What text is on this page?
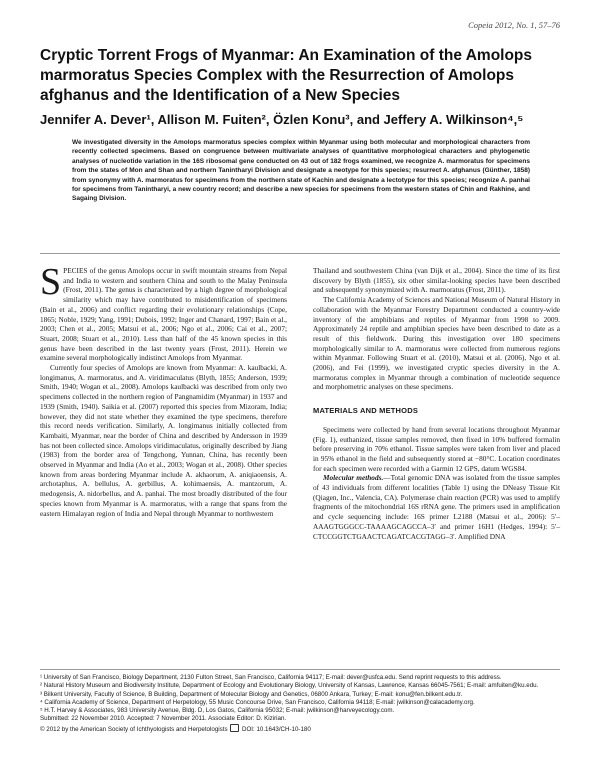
Copeia 2012, No. 1, 57–76
Cryptic Torrent Frogs of Myanmar: An Examination of the Amolops marmoratus Species Complex with the Resurrection of Amolops afghanus and the Identification of a New Species
Jennifer A. Dever¹, Allison M. Fuiten², Özlen Konu³, and Jeffery A. Wilkinson⁴,⁵

We investigated diversity in the Amolops marmoratus species complex within Myanmar using both molecular and morphological characters from recently collected specimens. Based on congruence between multivariate analyses of quantitative morphological characters and phylogenetic analyses of nucleotide variation in the 16S ribosomal gene conducted on 43 out of 182 frogs examined, we recognize A. marmoratus for specimens from the states of Mon and Shan and northern Tanintharyi Division and designate a neotype for this species; resurrect A. afghanus (Günther, 1858) from synonymy with A. marmoratus for specimens from the northern state of Kachin and designate a lectotype for this species; recognize A. panhai for specimens from Tanintharyi, a new country record; and describe a new species for specimens from the western states of Chin and Rakhine, and Sagaing Division.

SPECIES of the genus Amolops occur in swift mountain streams from Nepal and India to western and southern China and south to the Malay Peninsula (Frost, 2011). The genus is characterized by a high degree of morphological similarity which may have contributed to misidentification of specimens (Bain et al., 2006) and conflict regarding their evolutionary relationships (Cope, 1865; Noble, 1929; Yang, 1991; Dubois, 1992; Inger and Chanard, 1997; Bain et al., 2003; Chen et al., 2005; Matsui et al., 2006; Ngo et al., 2006; Cai et al., 2007; Stuart, 2008; Stuart et al., 2010). Less than half of the 45 known species in this genus have been described in the last twenty years (Frost, 2011). Herein we examine several morphologically indistinct Amolops from Myanmar.

Currently four species of Amolops are known from Myanmar: A. kaulbacki, A. longimanus, A. marmoratus, and A. viridimaculatus (Blyth, 1855; Anderson, 1939; Smith, 1940; Wogan et al., 2008). Amolops kaulbacki was described from only two specimens collected in the northern region of Pangnamidim (Myanmar) in 1937 and 1939 (Smith, 1940). Saikia et al. (2007) reported this species from Mizoram, India; however, they did not state whether they examined the type specimens, therefore this record needs verification. Similarly, A. longimanus initially collected from Kambaiti, Myanmar, near the border of China and described by Andersson in 1939 has not been collected since. Amolops viridimaculatus, originally described by Jiang (1983) from the border area of Tengchong, Yunnan, China, has recently been observed in Myanmar and India (Ao et al., 2003; Wogan et al., 2008). Other species known from areas bordering Myanmar include A. akhaorum, A. aniqiaoensis, A. archotaphus, A. bellulus, A. gerbillus, A. kohimaensis, A. mantzorum, A. medogensis, A. nidorbellus, and A. panhai. The most broadly distributed of the four species known from Myanmar is A. marmoratus, with a range that spans from the eastern Himalayan region of India and Nepal through Myanmar to northwestern

Thailand and southwestern China (van Dijk et al., 2004). Since the time of its first discovery by Blyth (1855), six other similar-looking species have been described and subsequently synonymized with A. marmoratus (Frost, 2011).

The California Academy of Sciences and National Museum of Natural History in collaboration with the Myanmar Forestry Department conducted a country-wide inventory of the amphibians and reptiles of Myanmar from 1998 to 2009. Approximately 24 reptile and amphibian species have been described to date as a result of this fieldwork. During this investigation over 180 specimens morphologically similar to A. marmoratus were collected from numerous regions within Myanmar. Following Stuart et al. (2010), Matsui et al. (2006), Ngo et al. (2006), and Fei (1999), we investigated cryptic species diversity in the A. marmoratus complex in Myanmar through a combination of nucleotide sequence and morphometric analyses on these specimens.

MATERIALS AND METHODS

Specimens were collected by hand from several locations throughout Myanmar (Fig. 1), euthanized, tissue samples removed, then fixed in 10% buffered formalin before preserving in 70% ethanol. Tissue samples were taken from liver and placed in 95% ethanol in the field and subsequently stored at −80°C. Location coordinates for each specimen were recorded with a Garmin 12 GPS, datum WGS84.

Molecular methods.—Total genomic DNA was isolated from the tissue samples of 43 individuals from different localities (Table 1) using the DNeasy Tissue Kit (Qiagen, Inc., Valencia, CA). Polymerase chain reaction (PCR) was used to amplify fragments of the mitochondrial 16S rRNA gene. The primers used in amplification and cycle sequencing include: 16S primer L2188 (Matsui et al., 2006): 5′–AAAGTGGGCC-TAAAAGCAGCCA–3′ and primer 16H1 (Hedges, 1994): 5′–CTCCGGTCTGAACTCAGATCACGTAGG–3′. Amplified DNA

¹ University of San Francisco, Biology Department, 2130 Fulton Street, San Francisco, California 94117; E-mail: dever@usfca.edu. Send reprint requests to this address.

² Natural History Museum and Biodiversity Institute, Department of Ecology and Evolutionary Biology, University of Kansas, Lawrence, Kansas 66045-7561; E-mail: amfuiten@ku.edu.

³ Bilkent University, Faculty of Science, B Building, Department of Molecular Biology and Genetics, 06800 Ankara, Turkey; E-mail: konu@fen.bilkent.edu.tr.

⁴ California Academy of Science, Department of Herpetology, 55 Music Concourse Drive, San Francisco, California 94118; E-mail: jwilkinson@calacademy.org.

⁵ H.T. Harvey & Associates, 983 University Avenue, Bldg. D, Los Gatos, California 95032; E-mail: jwilkinson@harveyecology.com.

Submitted: 22 November 2010. Accepted: 7 November 2011. Associate Editor: D. Kizirian.

© 2012 by the American Society of Ichthyologists and Herpetologists DOI: 10.1643/CH-10-180
